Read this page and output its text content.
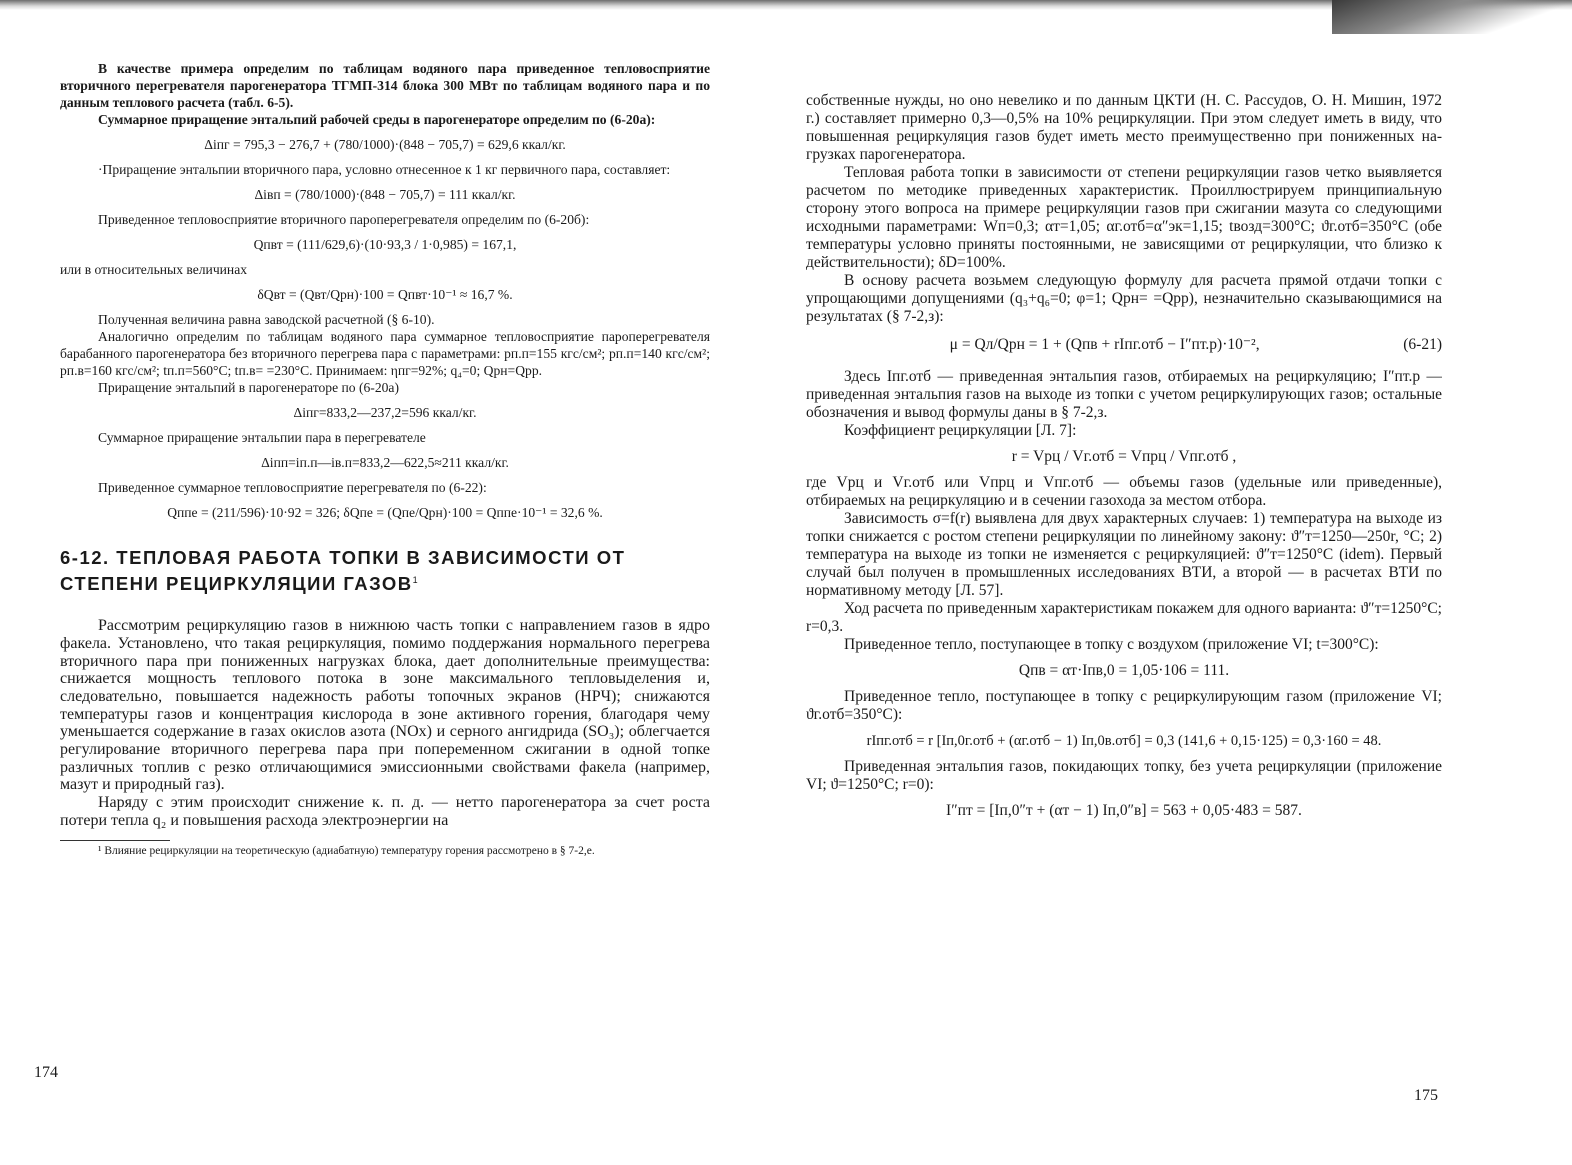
В качестве примера определим по таблицам водяного пара приведенное тепловосприятие вторичного перегревателя парогенератора ТГМП-314 блока 300 МВт по таблицам водяного пара и по данным теплового расчета (табл. 6-5).

Суммарное приращение энтальпий рабочей среды в парогенераторе определим по (6-20а):

Δiпг = 795,3 − 276,7 + (780/1000)·(848 − 705,7) = 629,6 ккал/кг.

·Приращение энтальпии вторичного пара, условно отнесенное к 1 кг первичного пара, составляет:

Δiвп = (780/1000)·(848 − 705,7) = 111 ккал/кг.

Приведенное тепловосприятие вторичного пароперегревателя определим по (6-20б):

Qпвт = (111/629,6)·(10·93,3 / 1·0,985) = 167,1,

или в относительных величинах

δQвт = (Qвт/Qрн)·100 = Qпвт·10⁻¹ ≈ 16,7 %.

Полученная величина равна заводской расчетной (§ 6-10).

Аналогично определим по таблицам водяного пара суммарное тепловосприятие пароперегревателя барабанного парогенератора без вторичного перегрева пара с параметрами: pп.п=155 кгс/см²; pп.п=140 кгс/см²; pп.в=160 кгс/см²; tп.п=560°С; tп.в= =230°С. Принимаем: ηпг=92%; q₄=0; Qрн=Qрр.

Приращение энтальпий в парогенераторе по (6-20а)

Δiпг=833,2—237,2=596 ккал/кг.

Суммарное приращение энтальпии пара в перегревателе

Δiпп=iп.п—iв.п=833,2—622,5≈211 ккал/кг.

Приведенное суммарное тепловосприятие перегревателя по (6-22):

Qппе = (211/596)·10·92 = 326; δQпе = (Qпе/Qрн)·100 = Qппе·10⁻¹ = 32,6 %.
6-12. ТЕПЛОВАЯ РАБОТА ТОПКИ В ЗАВИСИМОСТИ ОТ СТЕПЕНИ РЕЦИРКУЛЯЦИИ ГАЗОВ$^1$

Рассмотрим рециркуляцию газов в нижнюю часть топки с направлением газов в ядро факела. Установлено, что такая рециркуляция, помимо поддержания нормального перегрева вторичного пара при пониженных нагрузках блока, дает дополнительные преимущества: снижается мощность теплового потока в зоне максимального тепловыделения и, следовательно, повышается надежность работы топочных экранов (НРЧ); снижаются температуры газов и концентрация кислорода в зоне активного горения, благодаря чему уменьшается содержание в газах окислов азота (NOx) и серного ангидрида (SO₃); облегчается регулирование вторичного перегрева пара при попеременном сжигании в одной топке различных топлив с резко отличающимися эмиссионными свойствами факела (например, мазут и природный газ).

Наряду с этим происходит снижение к. п. д. — нетто парогенератора за счет роста потери тепла q₂ и повышения расхода электроэнергии на

¹ Влияние рециркуляции на теоретическую (адиабатную) температуру горения рассмотрено в § 7-2,е.

174

собственные нужды, но оно невелико и по данным ЦКТИ (Н. С. Рассудов, О. Н. Мишин, 1972 г.) составляет примерно 0,3—0,5% на 10% рециркуляции. При этом следует иметь в виду, что повышенная рециркуляция газов будет иметь место преимущественно при пониженных нагрузках парогенератора.

Тепловая работа топки в зависимости от степени рециркуляции газов четко выявляется расчетом по методике приведенных характеристик. Проиллюстрируем принципиальную сторону этого вопроса на примере рециркуляции газов при сжигании мазута со следующими исходными параметрами: Wп=0,3; αт=1,05; αг.отб=α″эк=1,15; tвозд=300°С; ϑг.отб=350°С (обе температуры условно приняты постоянными, не зависящими от рециркуляции, что близко к действительности); δD=100%.

В основу расчета возьмем следующую формулу для расчета прямой отдачи топки с упрощающими допущениями (q₃+q₆=0; φ=1; Qрн= =Qрр), незначительно сказывающимися на результатах (§ 7-2,з):

μ = Qл/Qрн = 1 + (Qпв + rIпг.отб − I″пт.р)·10⁻²,	(6-21)

Здесь Iпг.отб — приведенная энтальпия газов, отбираемых на рециркуляцию; I″пт.р — приведенная энтальпия газов на выходе из топки с учетом рециркулирующих газов; остальные обозначения и вывод формулы даны в § 7-2,з.

Коэффициент рециркуляции [Л. 7]:

r = Vрц / Vг.отб = Vпрц / Vпг.отб ,

где Vрц и Vг.отб или Vпрц и Vпг.отб — объемы газов (удельные или приведенные), отбираемых на рециркуляцию и в сечении газохода за местом отбора.

Зависимость σ=f(r) выявлена для двух характерных случаев: 1) температура на выходе из топки снижается с ростом степени рециркуляции по линейному закону: ϑ″т=1250—250r, °С; 2) температура на выходе из топки не изменяется с рециркуляцией: ϑ″т=1250°С (idem). Первый случай был получен в промышленных исследованиях ВТИ, а второй — в расчетах ВТИ по нормативному методу [Л. 57].

Ход расчета по приведенным характеристикам покажем для одного варианта: ϑ″т=1250°С; r=0,3.

Приведенное тепло, поступающее в топку с воздухом (приложение VI; t=300°С):

Qпв = αт·Iпв,0 = 1,05·106 = 111.

Приведенное тепло, поступающее в топку с рециркулирующим газом (приложение VI; ϑг.отб=350°С):

rIпг.отб = r [Iп,0г.отб + (αг.отб − 1) Iп,0в.отб] = 0,3 (141,6 + 0,15·125) = 0,3·160 = 48.

Приведенная энтальпия газов, покидающих топку, без учета рециркуляции (приложение VI; ϑ=1250°С; r=0):

I″пт = [Iп,0″т + (αт − 1) Iп,0″в] = 563 + 0,05·483 = 587.
175
